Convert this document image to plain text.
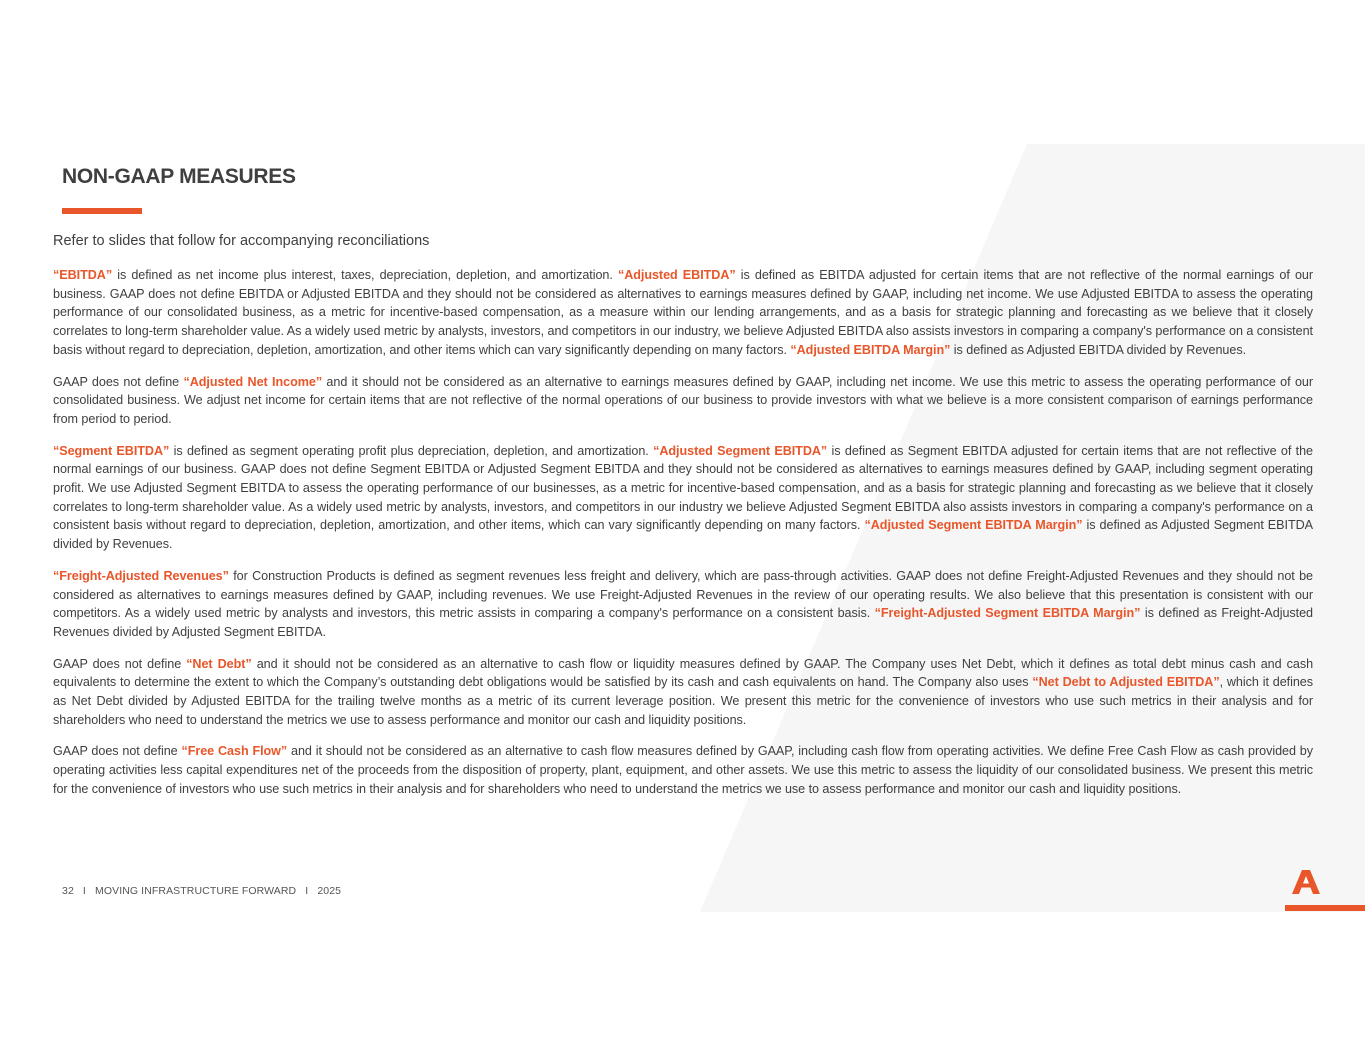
NON-GAAP MEASURES

Refer to slides that follow for accompanying reconciliations

“EBITDA” is defined as net income plus interest, taxes, depreciation, depletion, and amortization. “Adjusted EBITDA” is defined as EBITDA adjusted for certain items that are not reflective of the normal earnings of our business. GAAP does not define EBITDA or Adjusted EBITDA and they should not be considered as alternatives to earnings measures defined by GAAP, including net income. We use Adjusted EBITDA to assess the operating performance of our consolidated business, as a metric for incentive-based compensation, as a measure within our lending arrangements, and as a basis for strategic planning and forecasting as we believe that it closely correlates to long-term shareholder value. As a widely used metric by analysts, investors, and competitors in our industry, we believe Adjusted EBITDA also assists investors in comparing a company's performance on a consistent basis without regard to depreciation, depletion, amortization, and other items which can vary significantly depending on many factors. “Adjusted EBITDA Margin” is defined as Adjusted EBITDA divided by Revenues.

GAAP does not define “Adjusted Net Income” and it should not be considered as an alternative to earnings measures defined by GAAP, including net income. We use this metric to assess the operating performance of our consolidated business. We adjust net income for certain items that are not reflective of the normal operations of our business to provide investors with what we believe is a more consistent comparison of earnings performance from period to period.

“Segment EBITDA” is defined as segment operating profit plus depreciation, depletion, and amortization. “Adjusted Segment EBITDA” is defined as Segment EBITDA adjusted for certain items that are not reflective of the normal earnings of our business. GAAP does not define Segment EBITDA or Adjusted Segment EBITDA and they should not be considered as alternatives to earnings measures defined by GAAP, including segment operating profit. We use Adjusted Segment EBITDA to assess the operating performance of our businesses, as a metric for incentive-based compensation, and as a basis for strategic planning and forecasting as we believe that it closely correlates to long-term shareholder value. As a widely used metric by analysts, investors, and competitors in our industry we believe Adjusted Segment EBITDA also assists investors in comparing a company's performance on a consistent basis without regard to depreciation, depletion, amortization, and other items, which can vary significantly depending on many factors. “Adjusted Segment EBITDA Margin” is defined as Adjusted Segment EBITDA divided by Revenues.

“Freight-Adjusted Revenues” for Construction Products is defined as segment revenues less freight and delivery, which are pass-through activities. GAAP does not define Freight-Adjusted Revenues and they should not be considered as alternatives to earnings measures defined by GAAP, including revenues. We use Freight-Adjusted Revenues in the review of our operating results. We also believe that this presentation is consistent with our competitors. As a widely used metric by analysts and investors, this metric assists in comparing a company's performance on a consistent basis. “Freight-Adjusted Segment EBITDA Margin” is defined as Freight-Adjusted Revenues divided by Adjusted Segment EBITDA.

GAAP does not define “Net Debt” and it should not be considered as an alternative to cash flow or liquidity measures defined by GAAP. The Company uses Net Debt, which it defines as total debt minus cash and cash equivalents to determine the extent to which the Company’s outstanding debt obligations would be satisfied by its cash and cash equivalents on hand. The Company also uses “Net Debt to Adjusted EBITDA”, which it defines as Net Debt divided by Adjusted EBITDA for the trailing twelve months as a metric of its current leverage position. We present this metric for the convenience of investors who use such metrics in their analysis and for shareholders who need to understand the metrics we use to assess performance and monitor our cash and liquidity positions.

GAAP does not define “Free Cash Flow” and it should not be considered as an alternative to cash flow measures defined by GAAP, including cash flow from operating activities. We define Free Cash Flow as cash provided by operating activities less capital expenditures net of the proceeds from the disposition of property, plant, equipment, and other assets. We use this metric to assess the liquidity of our consolidated business. We present this metric for the convenience of investors who use such metrics in their analysis and for shareholders who need to understand the metrics we use to assess performance and monitor our cash and liquidity positions.

32 I MOVING INFRASTRUCTURE FORWARD I 2025
